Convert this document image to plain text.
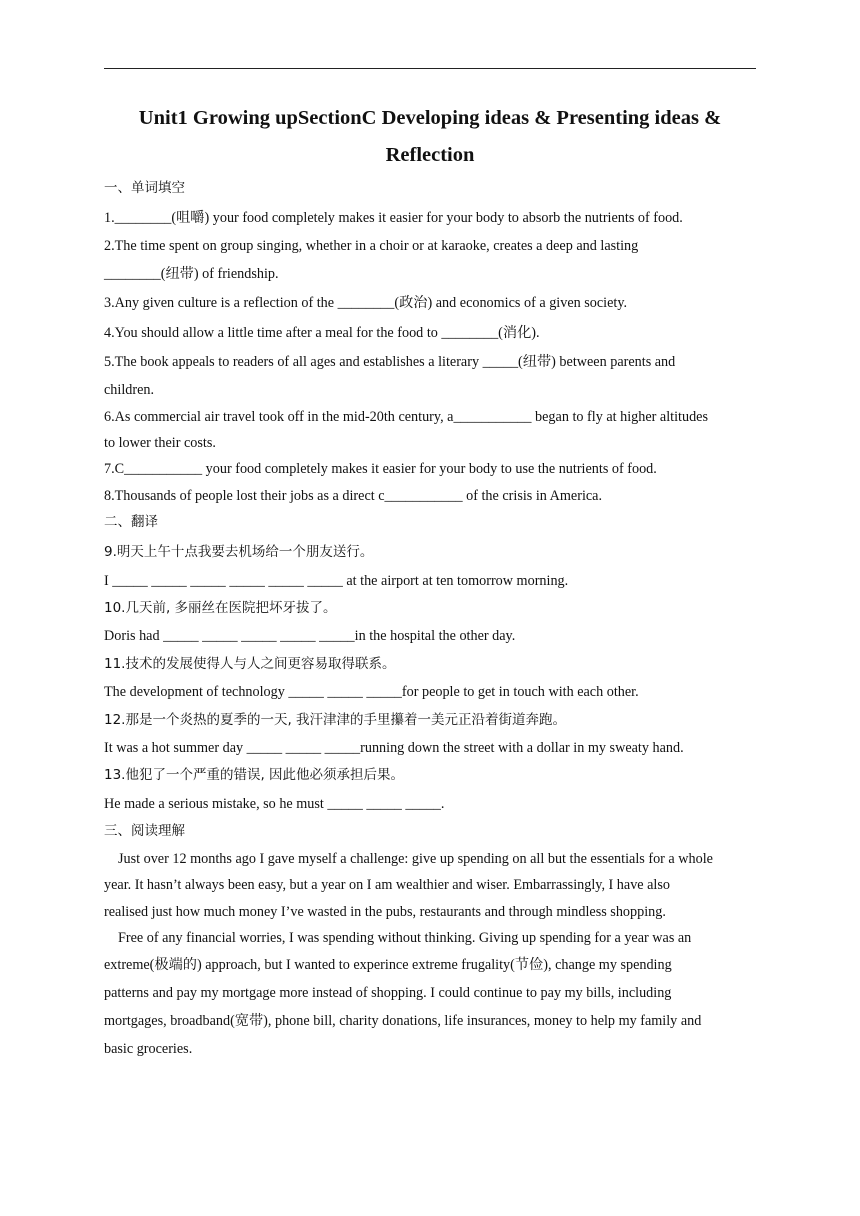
Unit1 Growing upSectionC Developing ideas & Presenting ideas &
Reflection
一、单词填空
1.________(咀嚼) your food completely makes it easier for your body to absorb the nutrients of food.
2.The time spent on group singing, whether in a choir or at karaoke, creates a deep and lasting
________(纽带) of friendship.
3.Any given culture is a reflection of the ________(政治) and economics of a given society.
4.You should allow a little time after a meal for the food to ________(消化).
5.The book appeals to readers of all ages and establishes a literary _____(纽带) between parents and
children.
6.As commercial air travel took off in the mid-20th century, a___________ began to fly at higher altitudes
to lower their costs.
7.C___________ your food completely makes it easier for your body to use the nutrients of food.
8.Thousands of people lost their jobs as a direct c___________ of the crisis in America.
二、翻译
9.明天上午十点我要去机场给一个朋友送行。
I _____ _____ _____ _____ _____ _____ at the airport at ten tomorrow morning.
10.几天前, 多丽丝在医院把坏牙拔了。
Doris had _____ _____ _____ _____ _____in the hospital the other day.
11.技术的发展使得人与人之间更容易取得联系。
The development of technology _____ _____ _____for people to get in touch with each other.
12.那是一个炎热的夏季的一天, 我汗津津的手里攥着一美元正沿着街道奔跑。
It was a hot summer day _____ _____ _____running down the street with a dollar in my sweaty hand.
13.他犯了一个严重的错误, 因此他必须承担后果。
He made a serious mistake, so he must _____ _____ _____.
三、阅读理解
Just over 12 months ago I gave myself a challenge: give up spending on all but the essentials for a whole
year. It hasn’t always been easy, but a year on I am wealthier and wiser. Embarrassingly, I have also
realised just how much money I’ve wasted in the pubs, restaurants and through mindless shopping.
Free of any financial worries, I was spending without thinking. Giving up spending for a year was an
extreme(极端的) approach, but I wanted to experince extreme frugality(节俭), change my spending
patterns and pay my mortgage more instead of shopping. I could continue to pay my bills, including
mortgages, broadband(宽带), phone bill, charity donations, life insurances, money to help my family and
basic groceries.
